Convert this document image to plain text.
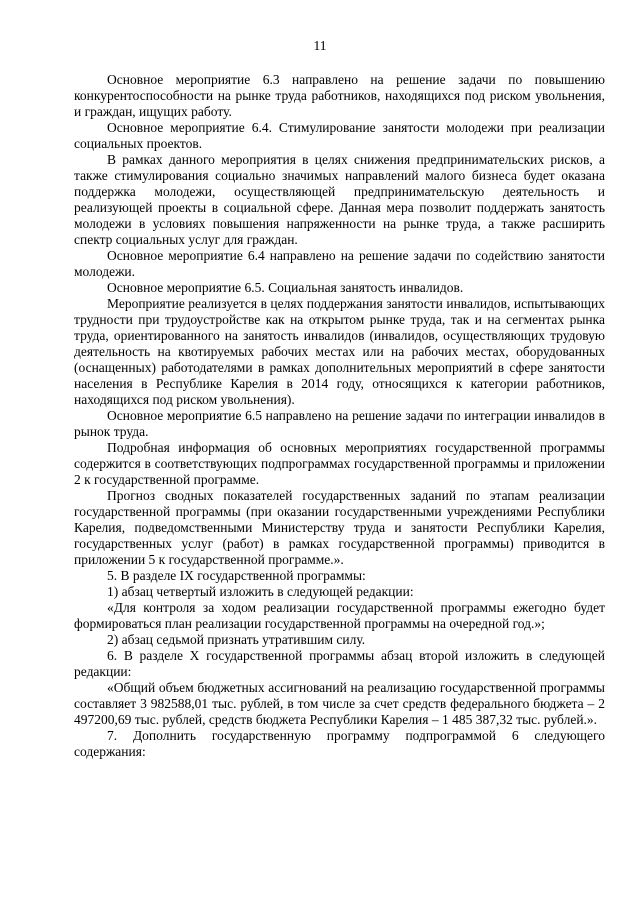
11

Основное мероприятие 6.3 направлено на решение задачи по повышению конкурентоспособности на рынке труда работников, находящихся под риском увольнения, и граждан, ищущих работу.

Основное мероприятие 6.4. Стимулирование занятости молодежи при реализации социальных проектов.

В рамках данного мероприятия в целях снижения предпринимательских рисков, а также стимулирования социально значимых направлений малого бизнеса будет оказана поддержка молодежи, осуществляющей предпринимательскую деятельность и реализующей проекты в социальной сфере. Данная мера позволит поддержать занятость молодежи в условиях повышения напряженности на рынке труда, а также расширить спектр социальных услуг для граждан.

Основное мероприятие 6.4 направлено на решение задачи по содействию занятости молодежи.

Основное мероприятие 6.5. Социальная занятость инвалидов.

Мероприятие реализуется в целях поддержания занятости инвалидов, испытывающих трудности при трудоустройстве как на открытом рынке труда, так и на сегментах рынка труда, ориентированного на занятость инвалидов (инвалидов, осуществляющих трудовую деятельность на квотируемых рабочих местах или на рабочих местах, оборудованных (оснащенных) работодателями в рамках дополнительных мероприятий в сфере занятости населения в Республике Карелия в 2014 году, относящихся к категории работников, находящихся под риском увольнения).

Основное мероприятие 6.5 направлено на решение задачи по интеграции инвалидов в рынок труда.

Подробная информация об основных мероприятиях государственной программы содержится в соответствующих подпрограммах государственной программы и приложении 2 к государственной программе.

Прогноз сводных показателей государственных заданий по этапам реализации государственной программы (при оказании государственными учреждениями Республики Карелия, подведомственными Министерству труда и занятости Республики Карелия, государственных услуг (работ) в рамках государственной программы) приводится в приложении 5 к государственной программе.».

5. В разделе IX государственной программы:

1) абзац четвертый изложить в следующей редакции:

«Для контроля за ходом реализации государственной программы ежегодно будет формироваться план реализации государственной программы на очередной год.»;

2) абзац седьмой признать утратившим силу.

6. В разделе X государственной программы абзац второй изложить в следующей редакции:

«Общий объем бюджетных ассигнований на реализацию государственной программы составляет 3 982588,01 тыс. рублей, в том числе за счет средств федерального бюджета – 2 497200,69 тыс. рублей, средств бюджета Республики Карелия – 1 485 387,32 тыс. рублей.».

7. Дополнить государственную программу подпрограммой 6 следующего содержания:
